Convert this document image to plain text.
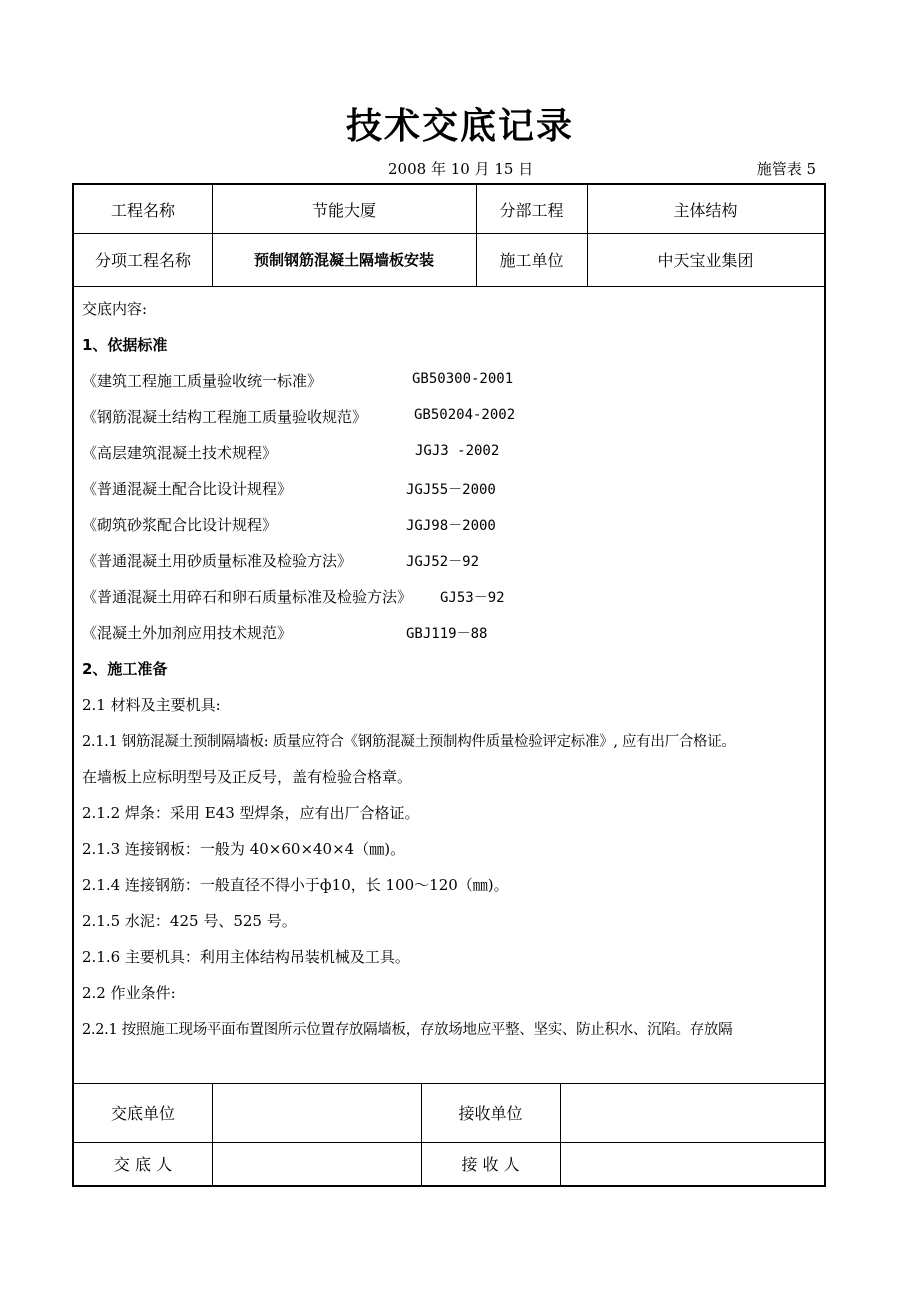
技术交底记录
2008 年 10 月 15 日	施管表 5
工程名称	节能大厦	分部工程	主体结构
分项工程名称	预制钢筋混凝土隔墙板安装	施工单位	中天宝业集团
交底内容:
1、依据标准
《建筑工程施工质量验收统一标准》	GB50300-2001
《钢筋混凝土结构工程施工质量验收规范》	GB50204-2002
《高层建筑混凝土技术规程》	JGJ3 -2002
《普通混凝土配合比设计规程》	JGJ55－2000
《砌筑砂浆配合比设计规程》	JGJ98－2000
《普通混凝土用砂质量标准及检验方法》	JGJ52－92
《普通混凝土用碎石和卵石质量标准及检验方法》 GJ53－92
《混凝土外加剂应用技术规范》	GBJ119－88
2、施工准备
2.1 材料及主要机具:
2.1.1 钢筋混凝土预制隔墙板: 质量应符合《钢筋混凝土预制构件质量检验评定标准》, 应有出厂合格证。
在墙板上应标明型号及正反号，盖有检验合格章。
2.1.2 焊条：采用 E43 型焊条，应有出厂合格证。
2.1.3 连接钢板：一般为 40×60×40×4（㎜)。
2.1.4 连接钢筋：一般直径不得小于ф10，长 100～120（㎜)。
2.1.5 水泥：425 号、525 号。
2.1.6 主要机具：利用主体结构吊装机械及工具。
2.2 作业条件:
2.2.1 按照施工现场平面布置图所示位置存放隔墙板，存放场地应平整、坚实、防止积水、沉陷。存放隔
交底单位	接收单位
交 底 人	接 收 人
